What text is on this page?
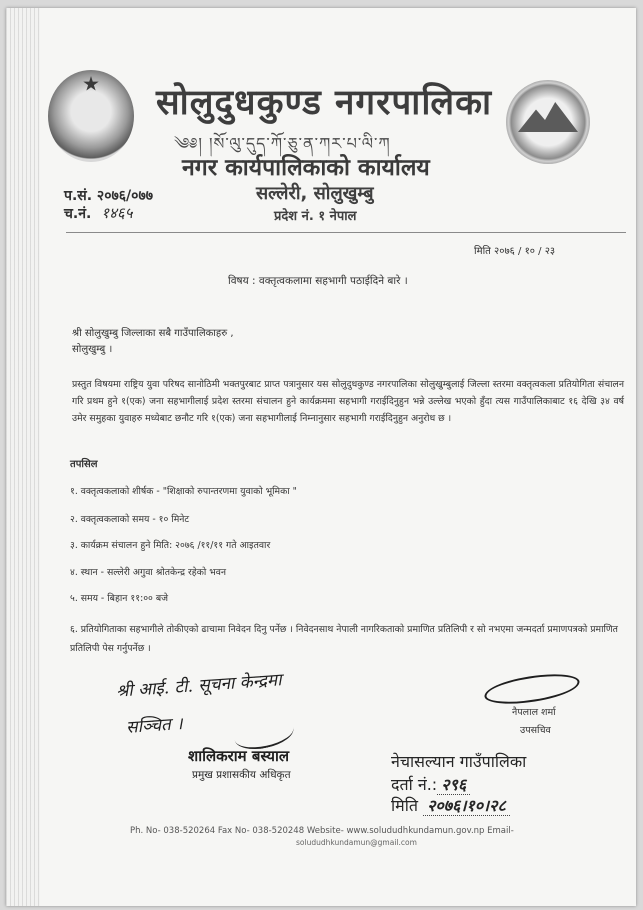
सोलुदुधकुण्ड नगरपालिका
༄༅། །སོ་ལུ་དུད་ཀོ་ཅུ་ན་ཀར་པ་ལི་ཀ
नगर कार्यपालिकाको कार्यालय
सल्लेरी, सोलुखुम्बु
प्रदेश नं. १ नेपाल
प.सं. २०७६/०७७
च.नं. १४६५
मिति २०७६ / १० / २३
विषय : वक्तृत्वकलामा सहभागी पठाईदिने बारे ।
श्री सोलुखुम्बु जिल्लाका सबै गाउँपालिकाहरु ,
सोलुखुम्बु ।
प्रस्तुत विषयमा राष्ट्रिय युवा परिषद सानोठिमी भक्तपुरबाट प्राप्त पत्रानुसार यस सोलुदुधकुण्ड नगरपालिका सोलुखुम्बुलाई जिल्ला स्तरमा वक्तृत्वकला प्रतियोगिता संचालन गरि प्रथम हुने १(एक) जना सहभागीलाई प्रदेश स्तरमा संचालन हुने कार्यक्रममा सहभागी गराईदिनुहुन भन्ने उल्लेख भएको हुँदा त्यस गाउँपालिकाबाट १६ देखि ३४ वर्ष उमेर समुहका युवाहरु मध्येबाट छनौट गरि १(एक) जना सहभागीलाई निम्नानुसार सहभागी गराईदिनुहुन अनुरोध छ ।
तपसिल
१. वक्तृत्वकलाको शीर्षक - "शिक्षाको रुपान्तरणमा युवाको भूमिका "
२. वक्तृत्वकलाको समय - १० मिनेट
३. कार्यक्रम संचालन हुने मिति: २०७६ /११/११ गते आइतवार
४. स्थान - सल्लेरी अगुवा श्रोतकेन्द्र रहेको भवन
५. समय - बिहान ११:०० बजे
६. प्रतियोगिताका सहभागीले तोकीएको ढाचामा निवेदन दिनु पर्नेछ । निवेदनसाथ नेपाली नागरिकताको प्रमाणित प्रतिलिपी र सो नभएमा जन्मदर्ता प्रमाणपत्रको प्रमाणित प्रतिलिपी पेस गर्नुपर्नेछ ।
श्री आई. टी. सूचना केन्द्रमा
सञ्चित ।
शालिकराम बस्याल
प्रमुख प्रशासकीय अधिकृत
नैपलाल शर्मा
उपसचिव
नेचासल्यान गाउँपालिका
दर्ता नं.: २९६
मिति २०७६।१०।२८
Ph. No- 038-520264 Fax No- 038-520248 Website- www.solududhkundamun.gov.np Email-
solududhkundamun@gmail.com
